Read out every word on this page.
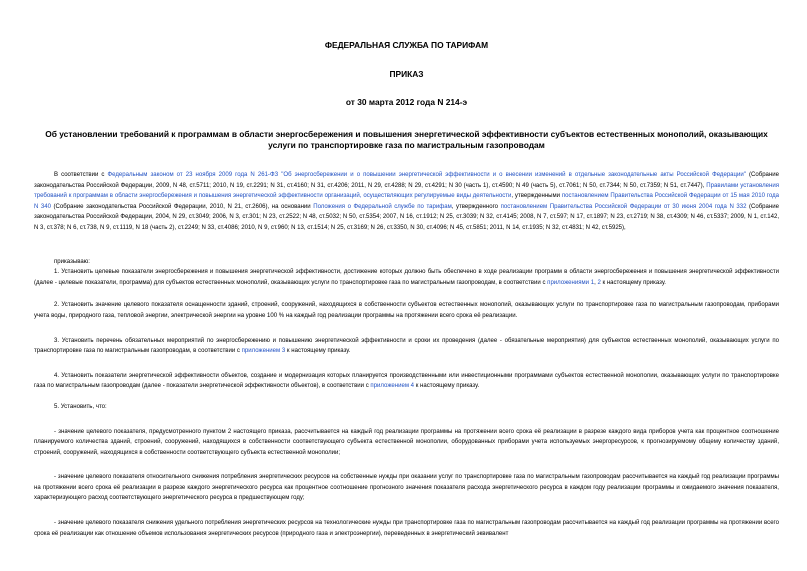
ФЕДЕРАЛЬНАЯ СЛУЖБА ПО ТАРИФАМ
ПРИКАЗ
от 30 марта 2012 года N 214-э
Об установлении требований к программам в области энергосбережения и повышения энергетической эффективности субъектов естественных монополий, оказывающих услуги по транспортировке газа по магистральным газопроводам

В соответствии с Федеральным законом от 23 ноября 2009 года N 261-ФЗ "Об энергосбережении и о повышении энергетической эффективности и о внесении изменений в отдельные законодательные акты Российской Федерации" (Собрание законодательства Российской Федерации, 2009, N 48, ст.5711; 2010, N 19, ст.2291; N 31, ст.4160; N 31, ст.4206; 2011, N 29, ст.4288; N 29, ст.4291; N 30 (часть 1), ст.4590; N 49 (часть 5), ст.7061; N 50, ст.7344; N 50, ст.7359; N 51, ст.7447), Правилами установления требований к программам в области энергосбережения и повышения энергетической эффективности организаций, осуществляющих регулируемые виды деятельности, утвержденными постановлением Правительства Российской Федерации от 15 мая 2010 года N 340 (Собрание законодательства Российской Федерации, 2010, N 21, ст.2606), на основании Положения о Федеральной службе по тарифам, утвержденного постановлением Правительства Российской Федерации от 30 июня 2004 года N 332 (Собрание законодательства Российской Федерации, 2004, N 29, ст.3049; 2006, N 3, ст.301; N 23, ст.2522; N 48, ст.5032; N 50, ст.5354; 2007, N 16, ст.1912; N 25, ст.3039; N 32, ст.4145; 2008, N 7, ст.597; N 17, ст.1897; N 23, ст.2719; N 38, ст.4309; N 46, ст.5337; 2009, N 1, ст.142, N 3, ст.378; N 6, ст.738, N 9, ст.1119, N 18 (часть 2), ст.2249; N 33, ст.4086; 2010, N 9, ст.960; N 13, ст.1514; N 25, ст.3169; N 26, ст.3350, N 30, ст.4096; N 45, ст.5851; 2011, N 14, ст.1935; N 32, ст.4831; N 42, ст.5925),

приказываю:

1. Установить целевые показатели энергосбережения и повышения энергетической эффективности, достижение которых должно быть обеспечено в ходе реализации программ в области энергосбережения и повышения энергетической эффективности (далее - целевые показатели, программа) для субъектов естественных монополий, оказывающих услуги по транспортировке газа по магистральным газопроводам, в соответствии с приложениями 1, 2 к настоящему приказу.

2. Установить значение целевого показателя оснащенности зданий, строений, сооружений, находящихся в собственности субъектов естественных монополий, оказывающих услуги по транспортировке газа по магистральным газопроводам, приборами учета воды, природного газа, тепловой энергии, электрической энергии на уровне 100 % на каждый год реализации программы на протяжении всего срока её реализации.

3. Установить перечень обязательных мероприятий по энергосбережению и повышению энергетической эффективности и сроки их проведения (далее - обязательные мероприятия) для субъектов естественных монополий, оказывающих услуги по транспортировке газа по магистральным газопроводам, в соответствии с приложением 3 к настоящему приказу.

4. Установить показатели энергетической эффективности объектов, создание и модернизация которых планируется производственными или инвестиционными программами субъектов естественной монополии, оказывающих услуги по транспортировке газа по магистральным газопроводам (далее - показатели энергетической эффективности объектов), в соответствии с приложением 4 к настоящему приказу.

5. Установить, что:

- значение целевого показателя, предусмотренного пунктом 2 настоящего приказа, рассчитывается на каждый год реализации программы на протяжении всего срока её реализации в разрезе каждого вида приборов учета как процентное соотношение планируемого количества зданий, строений, сооружений, находящихся в собственности соответствующего субъекта естественной монополии, оборудованных приборами учета используемых энергоресурсов, к прогнозируемому общему количеству зданий, строений, сооружений, находящихся в собственности соответствующего субъекта естественной монополии;

- значение целевого показателя относительного снижения потребления энергетических ресурсов на собственные нужды при оказании услуг по транспортировке газа по магистральным газопроводам рассчитывается на каждый год реализации программы на протяжении всего срока её реализации в разрезе каждого энергетического ресурса как процентное соотношение прогнозного значения показателя расхода энергетического ресурса в каждом году реализации программы и ожидаемого значения показателя, характеризующего расход соответствующего энергетического ресурса в предшествующем году;

- значение целевого показателя снижения удельного потребления энергетических ресурсов на технологические нужды при транспортировке газа по магистральным газопроводам рассчитывается на каждый год реализации программы на протяжении всего срока её реализации как отношение объемов использования энергетических ресурсов (природного газа и электроэнергии), переведенных в энергетический эквивалент
